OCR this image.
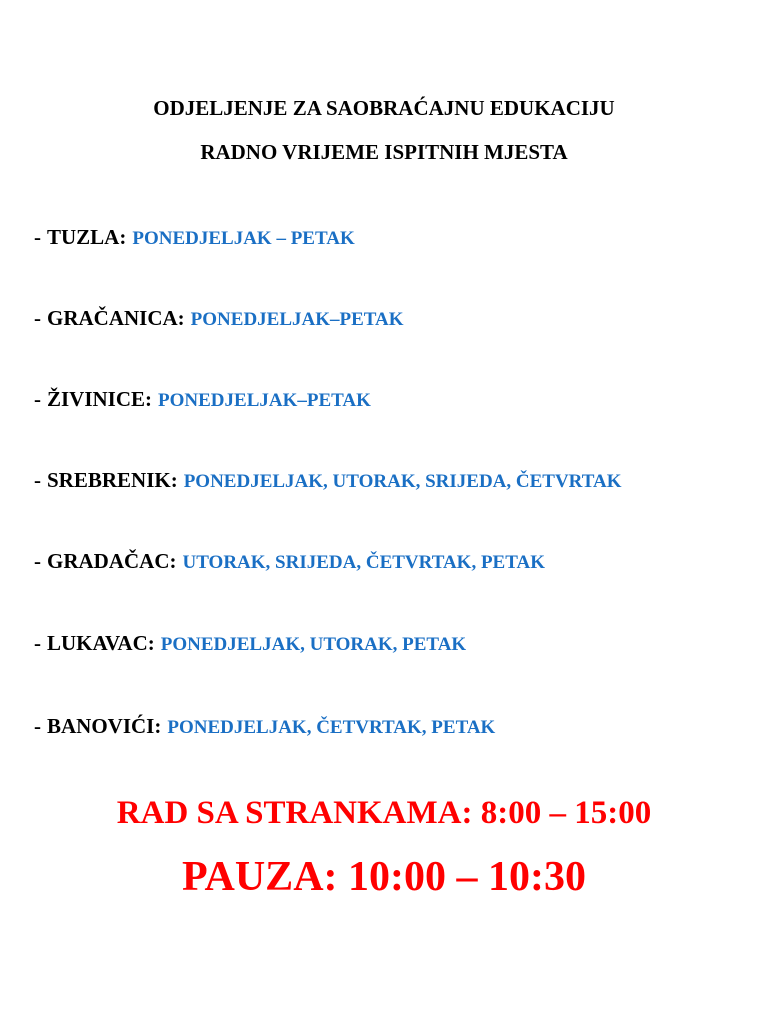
ODJELJENJE ZA SAOBRAĆAJNU EDUKACIJU
RADNO VRIJEME ISPITNIH MJESTA
- TUZLA: PONEDJELJAK – PETAK
- GRAČANICA: PONEDJELJAK–PETAK
- ŽIVINICE: PONEDJELJAK–PETAK
- SREBRENIK: PONEDJELJAK, UTORAK, SRIJEDA, ČETVRTAK
- GRADAČAC: UTORAK, SRIJEDA, ČETVRTAK, PETAK
- LUKAVAC: PONEDJELJAK, UTORAK, PETAK
- BANOVIĆI: PONEDJELJAK, ČETVRTAK, PETAK
RAD SA STRANKAMA: 8:00 – 15:00
PAUZA: 10:00 – 10:30
